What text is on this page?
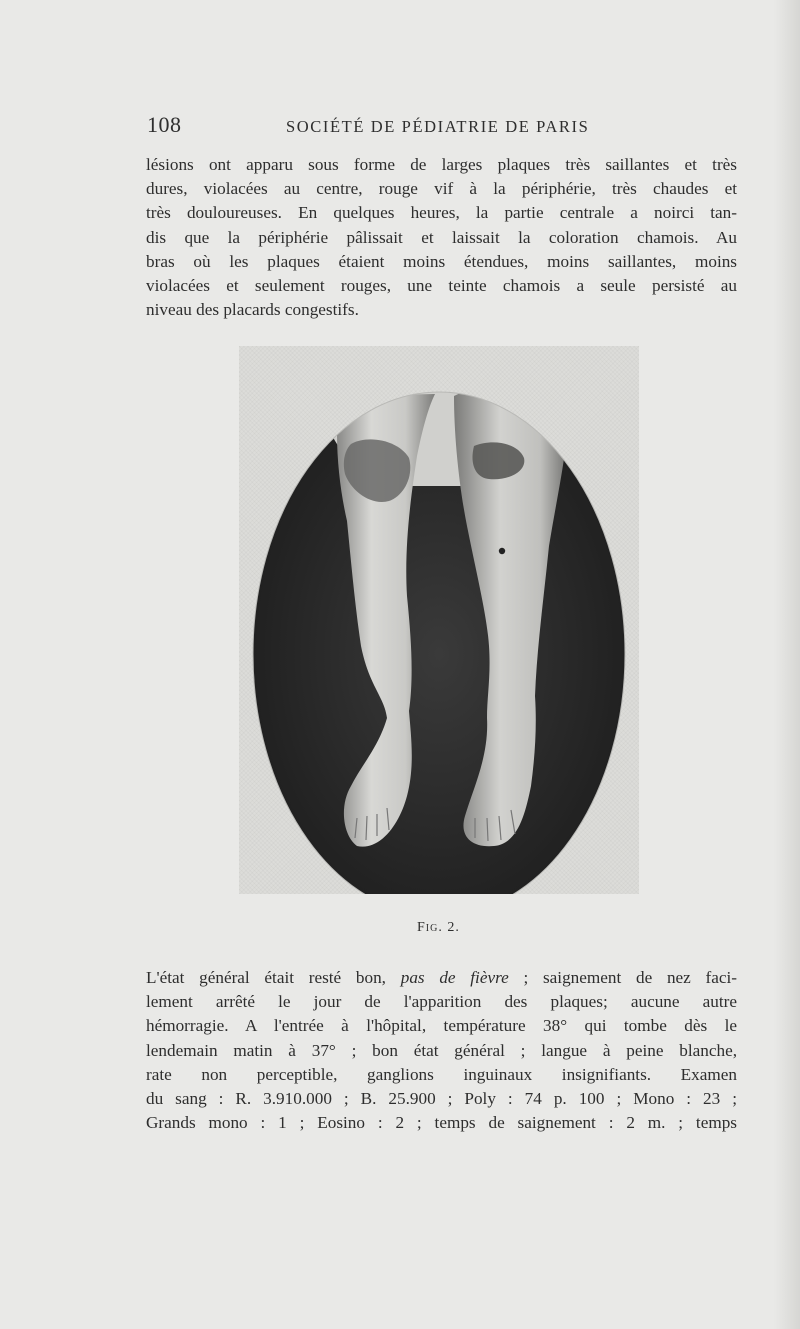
108	SOCIÉTÉ DE PÉDIATRIE DE PARIS
lésions ont apparu sous forme de larges plaques très saillantes et très
dures, violacées au centre, rouge vif à la périphérie, très chaudes et
très douloureuses. En quelques heures, la partie centrale a noirci tan-
dis que la périphérie pâlissait et laissait la coloration chamois. Au
bras où les plaques étaient moins étendues, moins saillantes, moins
violacées et seulement rouges, une teinte chamois a seule persisté au
niveau des placards congestifs.
Fig. 2.
L'état général était resté bon, pas de fièvre ; saignement de nez faci-
lement arrêté le jour de l'apparition des plaques; aucune autre
hémorragie. A l'entrée à l'hôpital, température 38° qui tombe dès le
lendemain matin à 37° ; bon état général ; langue à peine blanche,
rate non perceptible, ganglions inguinaux insignifiants. Examen
du sang : R. 3.910.000 ; B. 25.900 ; Poly : 74 p. 100 ; Mono : 23 ;
Grands mono : 1 ; Eosino : 2 ; temps de saignement : 2 m. ; temps
